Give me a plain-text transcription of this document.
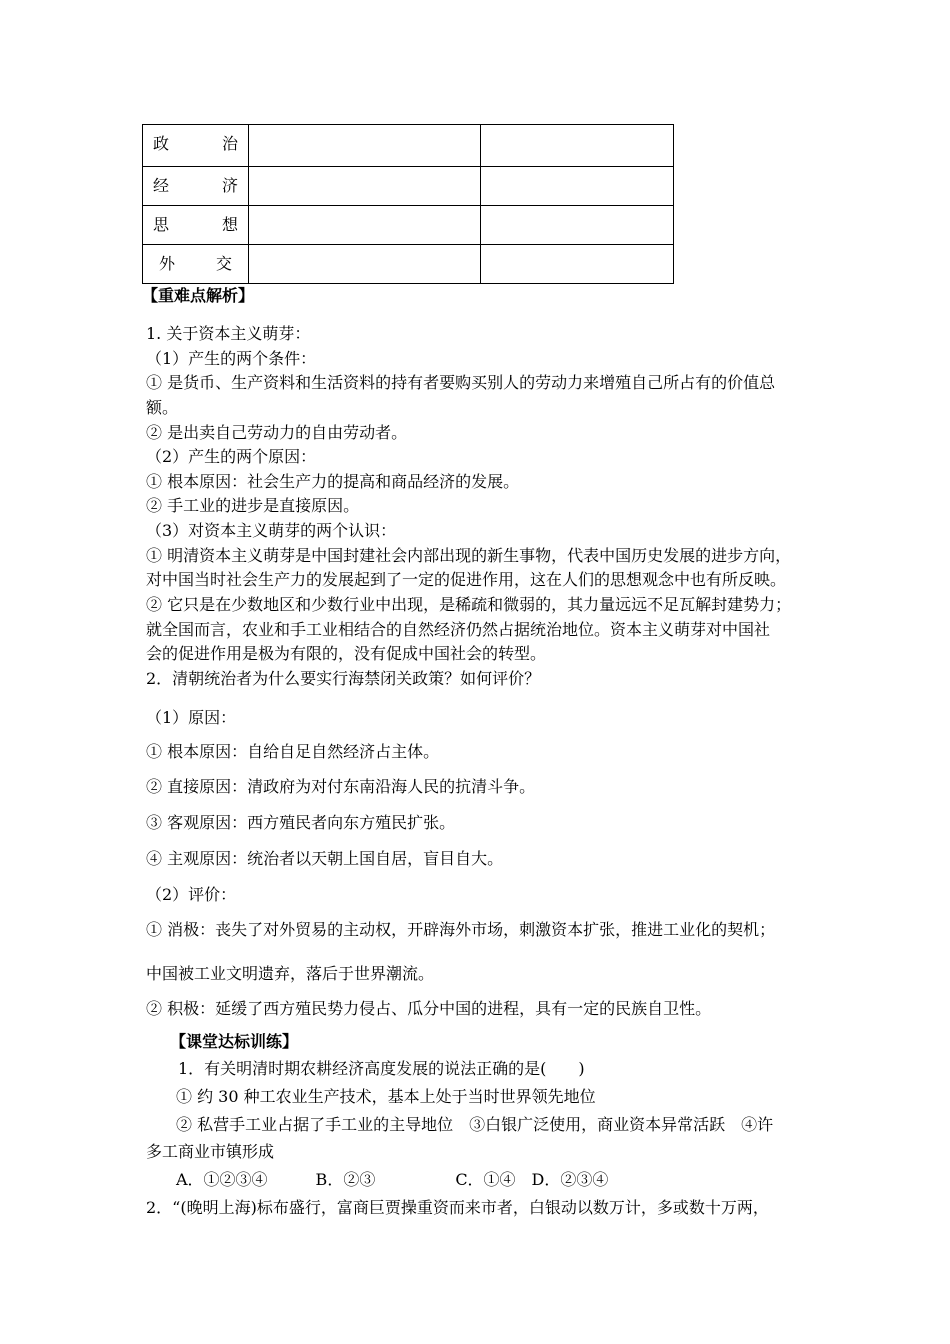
政治		
经济		
思想		
外交		
【重难点解析】
1. 关于资本主义萌芽：
（1）产生的两个条件：
① 是货币、生产资料和生活资料的持有者要购买别人的劳动力来增殖自己所占有的价值总
额。
② 是出卖自己劳动力的自由劳动者。
（2）产生的两个原因：
① 根本原因：社会生产力的提高和商品经济的发展。
② 手工业的进步是直接原因。
（3）对资本主义萌芽的两个认识：
① 明清资本主义萌芽是中国封建社会内部出现的新生事物，代表中国历史发展的进步方向，
对中国当时社会生产力的发展起到了一定的促进作用，这在人们的思想观念中也有所反映。
② 它只是在少数地区和少数行业中出现，是稀疏和微弱的，其力量远远不足瓦解封建势力；
就全国而言，农业和手工业相结合的自然经济仍然占据统治地位。资本主义萌芽对中国社
会的促进作用是极为有限的，没有促成中国社会的转型。
2．清朝统治者为什么要实行海禁闭关政策？如何评价？
（1）原因：
① 根本原因：自给自足自然经济占主体。
② 直接原因：清政府为对付东南沿海人民的抗清斗争。
③ 客观原因：西方殖民者向东方殖民扩张。
④ 主观原因：统治者以天朝上国自居，盲目自大。
（2）评价：
① 消极：丧失了对外贸易的主动权，开辟海外市场，刺激资本扩张，推进工业化的契机；
中国被工业文明遗弃，落后于世界潮流。
② 积极：延缓了西方殖民势力侵占、瓜分中国的进程，具有一定的民族自卫性。
【课堂达标训练】
1．有关明清时期农耕经济高度发展的说法正确的是(　　)
① 约 30 种工农业生产技术，基本上处于当时世界领先地位
② 私营手工业占据了手工业的主导地位　③白银广泛使用，商业资本异常活跃　④许
多工商业市镇形成
A．①②③④　　　B．②③　　　　　C．①④　D．②③④
2．“(晚明上海)标布盛行，富商巨贾操重资而来市者，白银动以数万计，多或数十万两，
